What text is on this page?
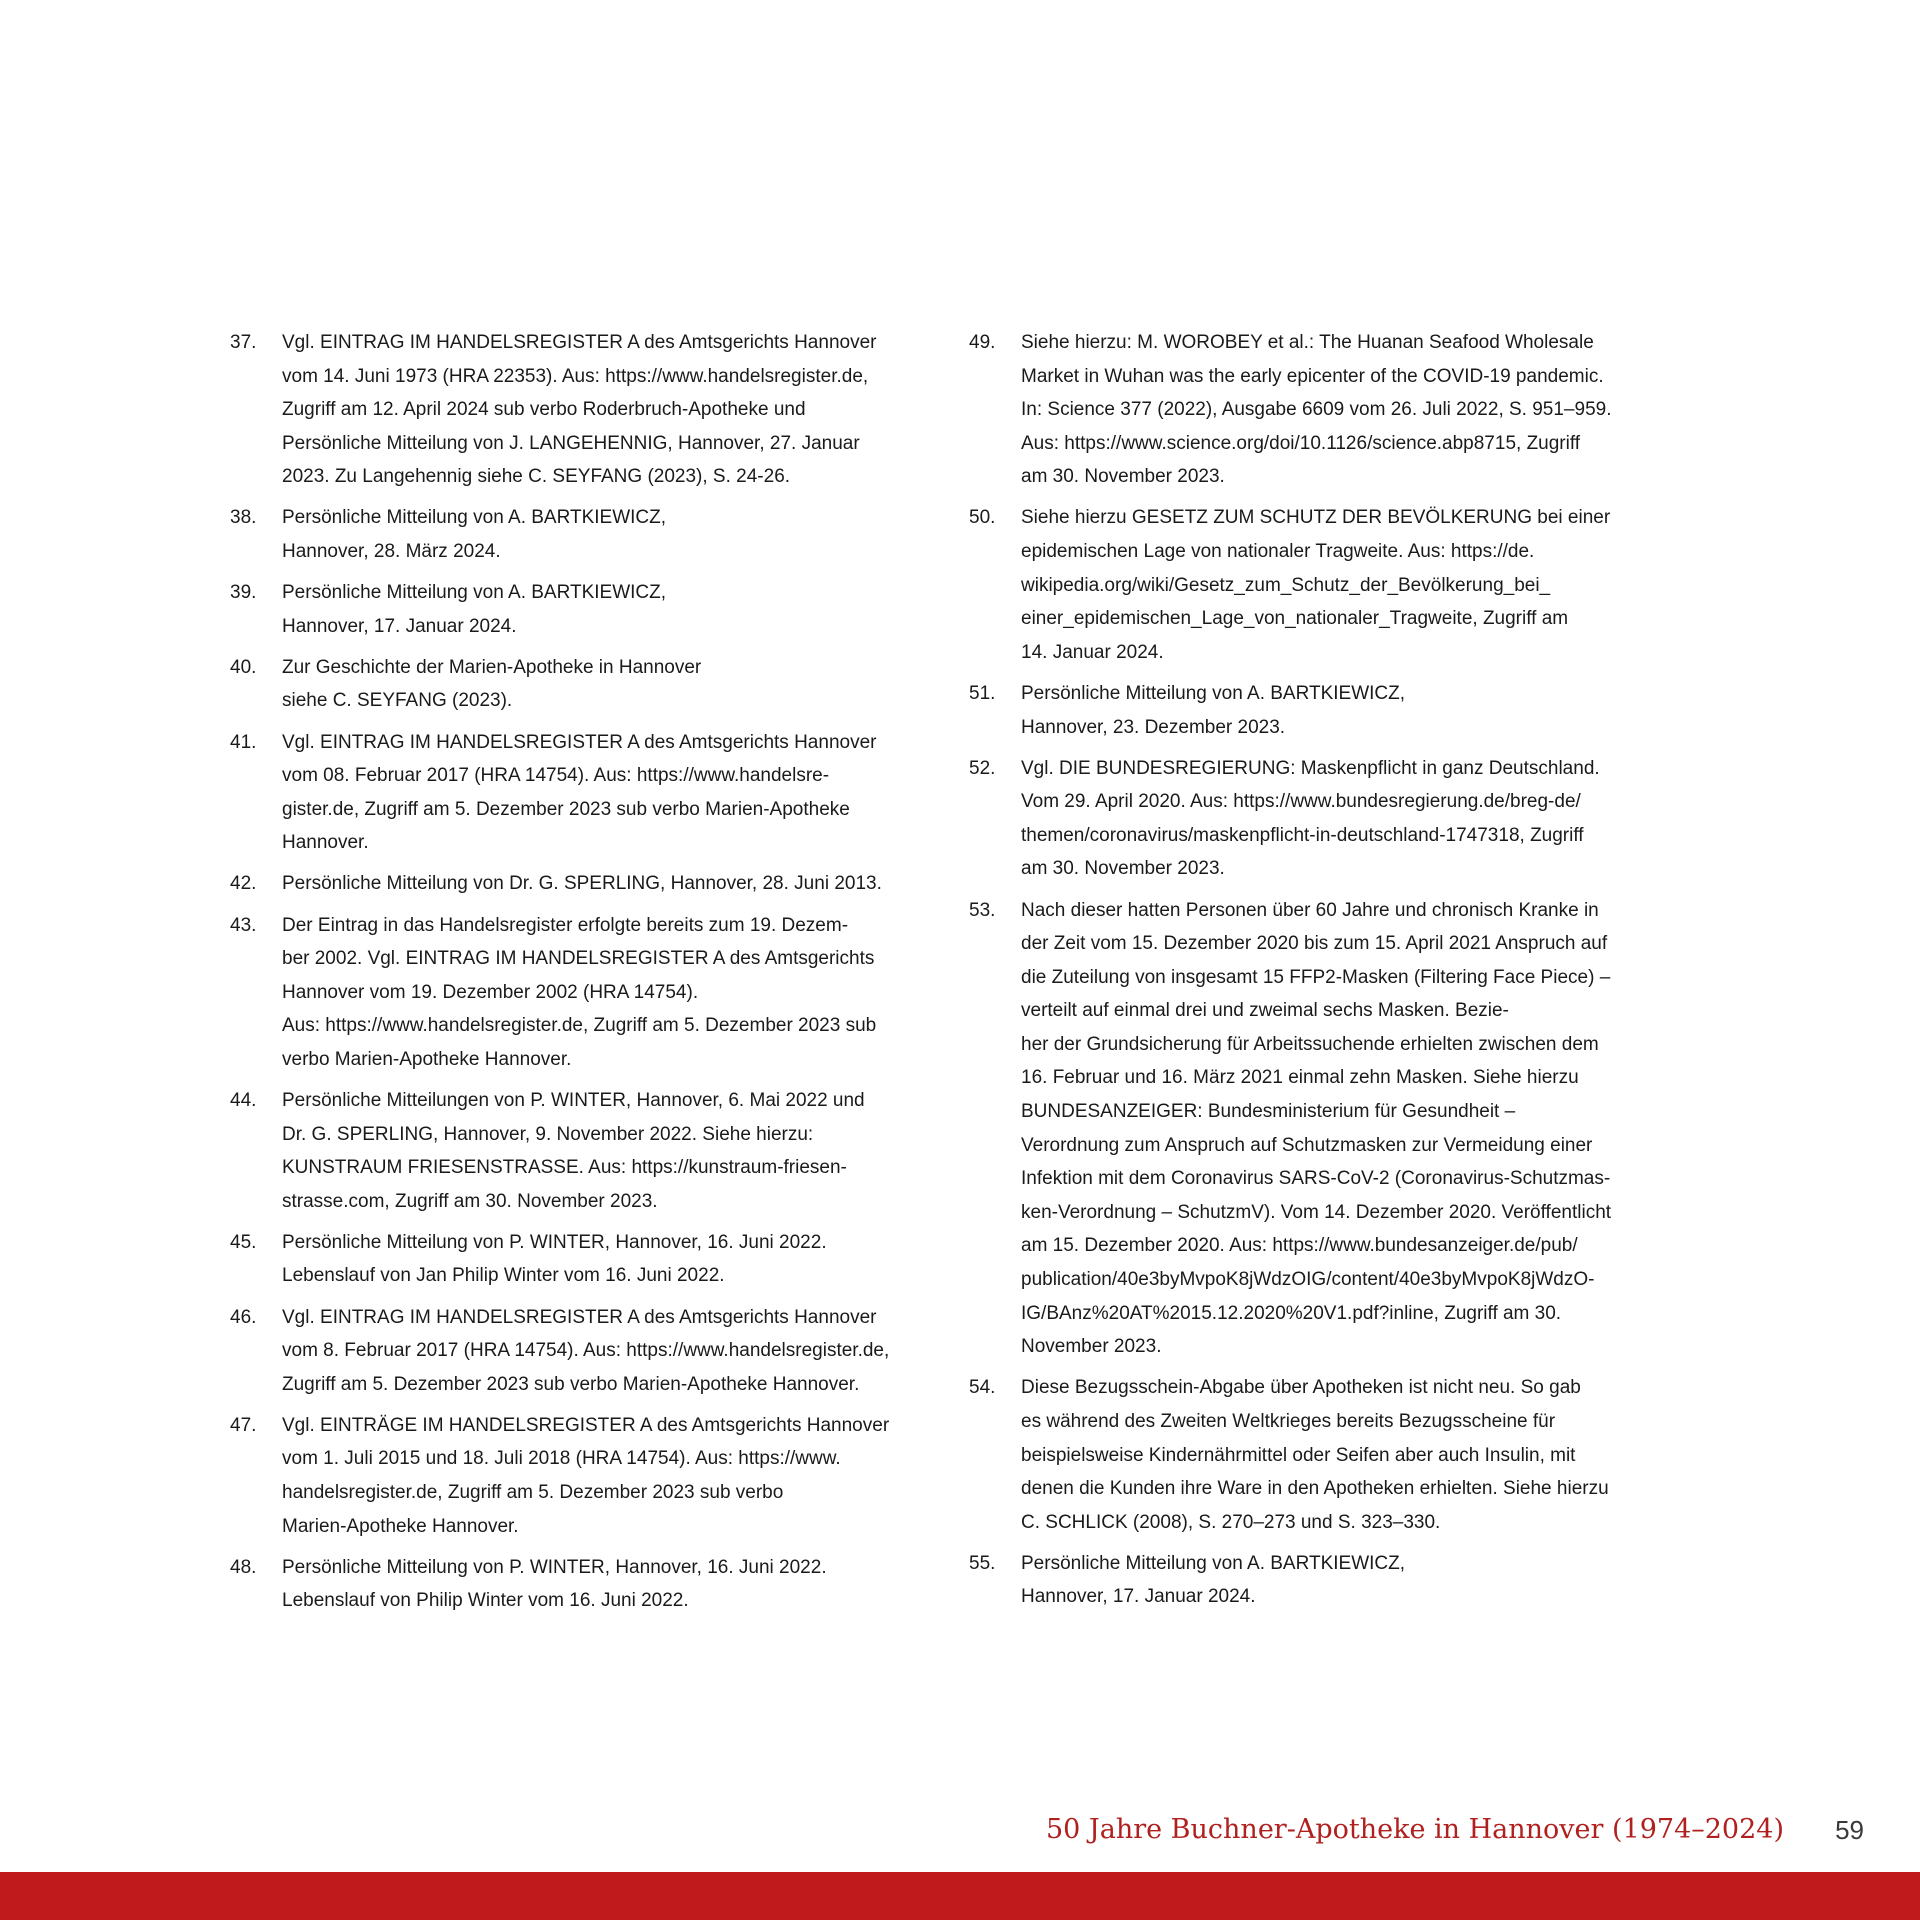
37.	Vgl. EINTRAG IM HANDELSREGISTER A des Amtsgerichts Hannover
vom 14. Juni 1973 (HRA 22353). Aus: https://www.handelsregister.de,
Zugriff am 12. April 2024 sub verbo Roderbruch-Apotheke und
Persönliche Mitteilung von J. LANGEHENNIG, Hannover, 27. Januar
2023. Zu Langehennig siehe C. SEYFANG (2023), S. 24-26.
38.	Persönliche Mitteilung von A. BARTKIEWICZ,
Hannover, 28. März 2024.
39.	Persönliche Mitteilung von A. BARTKIEWICZ,
Hannover, 17. Januar 2024.
40.	Zur Geschichte der Marien-Apotheke in Hannover
siehe C. SEYFANG (2023).
41.	Vgl. EINTRAG IM HANDELSREGISTER A des Amtsgerichts Hannover
vom 08. Februar 2017 (HRA 14754). Aus: https://www.handelsre-
gister.de, Zugriff am 5. Dezember 2023 sub verbo Marien-Apotheke
Hannover.
42.	Persönliche Mitteilung von Dr. G. SPERLING, Hannover, 28. Juni 2013.
43.	Der Eintrag in das Handelsregister erfolgte bereits zum 19. Dezem-
ber 2002. Vgl. EINTRAG IM HANDELSREGISTER A des Amtsgerichts
Hannover vom 19. Dezember 2002 (HRA 14754).
Aus: https://www.handelsregister.de, Zugriff am 5. Dezember 2023 sub
verbo Marien-Apotheke Hannover.
44.	Persönliche Mitteilungen von P. WINTER, Hannover, 6. Mai 2022 und
Dr. G. SPERLING, Hannover, 9. November 2022. Siehe hierzu:
KUNSTRAUM FRIESENSTRASSE. Aus: https://kunstraum-friesen-
strasse.com, Zugriff am 30. November 2023.
45.	Persönliche Mitteilung von P. WINTER, Hannover, 16. Juni 2022.
Lebenslauf von Jan Philip Winter vom 16. Juni 2022.
46.	Vgl. EINTRAG IM HANDELSREGISTER A des Amtsgerichts Hannover
vom 8. Februar 2017 (HRA 14754). Aus: https://www.handelsregister.de,
Zugriff am 5. Dezember 2023 sub verbo Marien-Apotheke Hannover.
47.	Vgl. EINTRÄGE IM HANDELSREGISTER A des Amtsgerichts Hannover
vom 1. Juli 2015 und 18. Juli 2018 (HRA 14754). Aus: https://www.
handelsregister.de, Zugriff am 5. Dezember 2023 sub verbo
Marien-Apotheke Hannover.
48.	Persönliche Mitteilung von P. WINTER, Hannover, 16. Juni 2022.
Lebenslauf von Philip Winter vom 16. Juni 2022.
49.	Siehe hierzu: M. WOROBEY et al.: The Huanan Seafood Wholesale
Market in Wuhan was the early epicenter of the COVID-19 pandemic.
In: Science 377 (2022), Ausgabe 6609 vom 26. Juli 2022, S. 951–959.
Aus: https://www.science.org/doi/10.1126/science.abp8715, Zugriff
am 30. November 2023.
50.	Siehe hierzu GESETZ ZUM SCHUTZ DER BEVÖLKERUNG bei einer
epidemischen Lage von nationaler Tragweite. Aus: https://de.
wikipedia.org/wiki/Gesetz_zum_Schutz_der_Bevölkerung_bei_
einer_epidemischen_Lage_von_nationaler_Tragweite, Zugriff am
14. Januar 2024.
51.	Persönliche Mitteilung von A. BARTKIEWICZ,
Hannover, 23. Dezember 2023.
52.	Vgl. DIE BUNDESREGIERUNG: Maskenpflicht in ganz Deutschland.
Vom 29. April 2020. Aus: https://www.bundesregierung.de/breg-de/
themen/coronavirus/maskenpflicht-in-deutschland-1747318, Zugriff
am 30. November 2023.
53.	Nach dieser hatten Personen über 60 Jahre und chronisch Kranke in
der Zeit vom 15. Dezember 2020 bis zum 15. April 2021 Anspruch auf
die Zuteilung von insgesamt 15 FFP2-Masken (Filtering Face Piece) –
verteilt auf einmal drei und zweimal sechs Masken. Bezie-
her der Grundsicherung für Arbeitssuchende erhielten zwischen dem
16. Februar und 16. März 2021 einmal zehn Masken. Siehe hierzu
BUNDESANZEIGER: Bundesministerium für Gesundheit –
Verordnung zum Anspruch auf Schutzmasken zur Vermeidung einer
Infektion mit dem Coronavirus SARS-CoV-2 (Coronavirus-Schutzmas-
ken-Verordnung – SchutzmV). Vom 14. Dezember 2020. Veröffentlicht
am 15. Dezember 2020. Aus: https://www.bundesanzeiger.de/pub/
publication/40e3byMvpoK8jWdzOIG/content/40e3byMvpoK8jWdzO-
IG/BAnz%20AT%2015.12.2020%20V1.pdf?inline, Zugriff am 30.
November 2023.
54.	Diese Bezugsschein-Abgabe über Apotheken ist nicht neu. So gab
es während des Zweiten Weltkrieges bereits Bezugsscheine für
beispielsweise Kindernährmittel oder Seifen aber auch Insulin, mit
denen die Kunden ihre Ware in den Apotheken erhielten. Siehe hierzu
C. SCHLICK (2008), S. 270–273 und S. 323–330.
55.	Persönliche Mitteilung von A. BARTKIEWICZ,
Hannover, 17. Januar 2024.
50 Jahre Buchner-Apotheke in Hannover (1974–2024) 59
